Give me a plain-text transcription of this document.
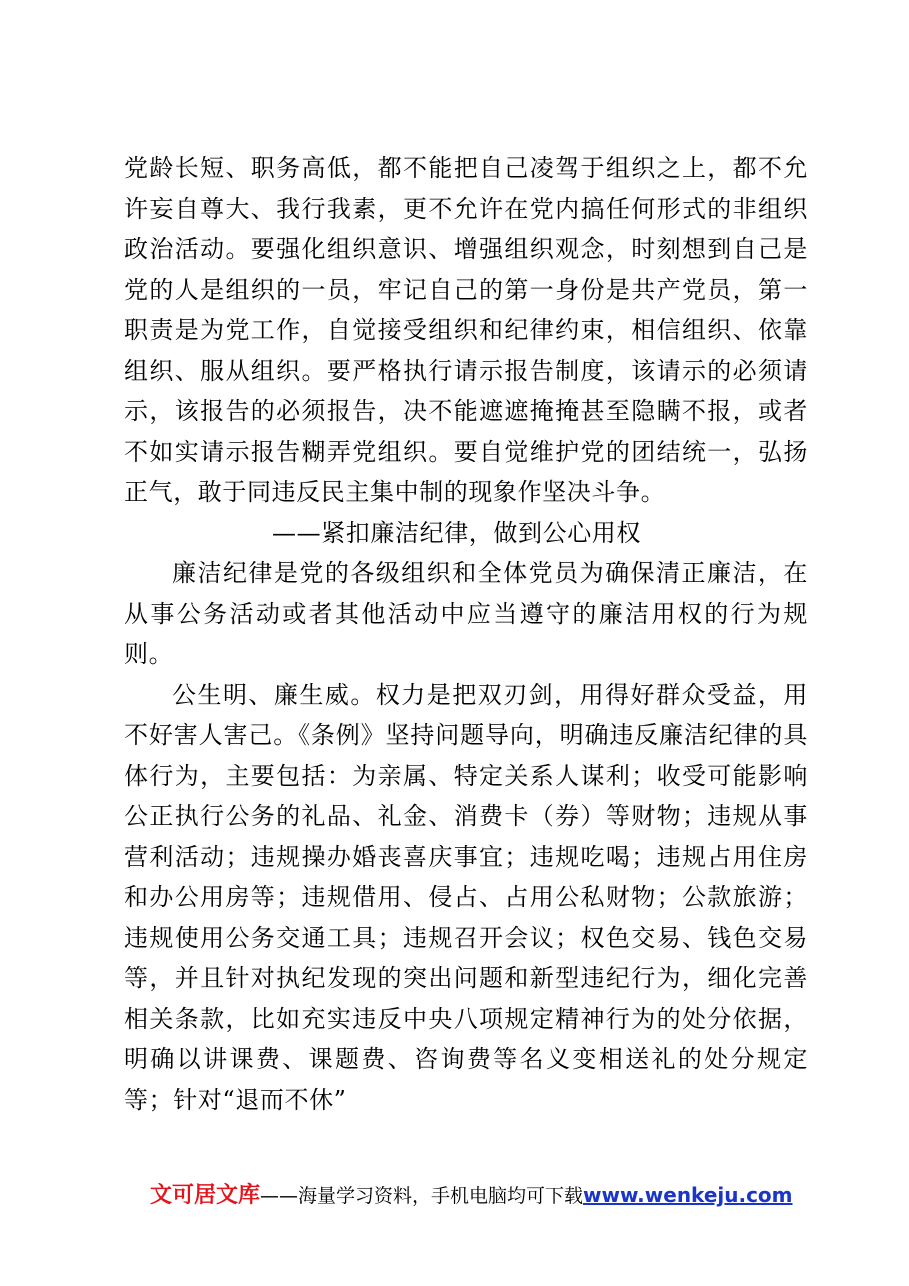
党龄长短、职务高低，都不能把自己凌驾于组织之上，都不允许妄自尊大、我行我素，更不允许在党内搞任何形式的非组织政治活动。要强化组织意识、增强组织观念，时刻想到自己是党的人是组织的一员，牢记自己的第一身份是共产党员，第一职责是为党工作，自觉接受组织和纪律约束，相信组织、依靠组织、服从组织。要严格执行请示报告制度，该请示的必须请示，该报告的必须报告，决不能遮遮掩掩甚至隐瞒不报，或者不如实请示报告糊弄党组织。要自觉维护党的团结统一，弘扬正气，敢于同违反民主集中制的现象作坚决斗争。

——紧扣廉洁纪律，做到公心用权

廉洁纪律是党的各级组织和全体党员为确保清正廉洁，在从事公务活动或者其他活动中应当遵守的廉洁用权的行为规则。

公生明、廉生威。权力是把双刃剑，用得好群众受益，用不好害人害己。《条例》坚持问题导向，明确违反廉洁纪律的具体行为，主要包括：为亲属、特定关系人谋利；收受可能影响公正执行公务的礼品、礼金、消费卡（券）等财物；违规从事营利活动；违规操办婚丧喜庆事宜；违规吃喝；违规占用住房和办公用房等；违规借用、侵占、占用公私财物；公款旅游；违规使用公务交通工具；违规召开会议；权色交易、钱色交易等，并且针对执纪发现的突出问题和新型违纪行为，细化完善相关条款，比如充实违反中央八项规定精神行为的处分依据，明确以讲课费、课题费、咨询费等名义变相送礼的处分规定等；针对“退而不休”

文可居文库——海量学习资料，手机电脑均可下载www.wenkeju.com
